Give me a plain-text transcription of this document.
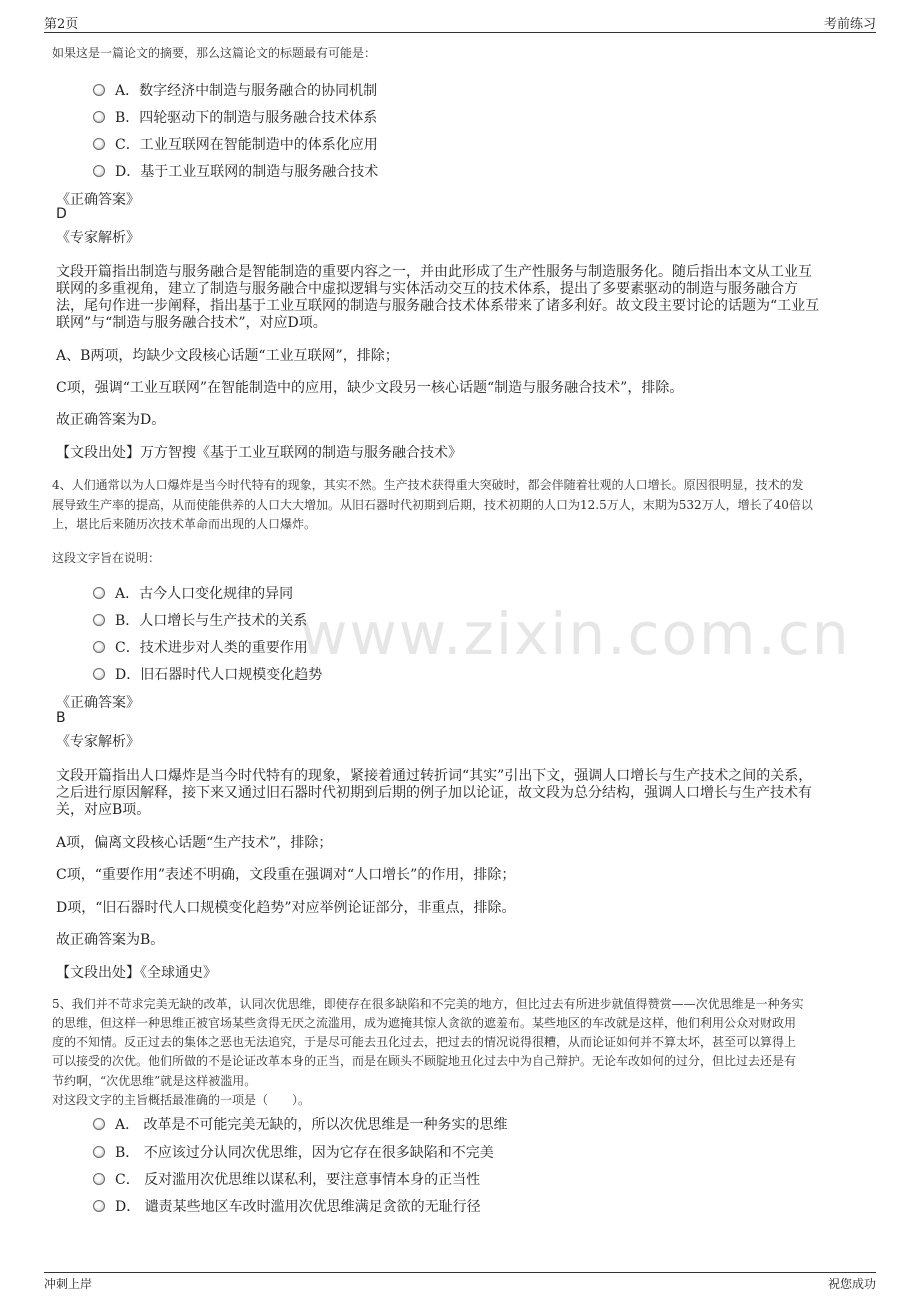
第2页	考前练习
www.zixin.com.cn
如果这是一篇论文的摘要，那么这篇论文的标题最有可能是：
A．数字经济中制造与服务融合的协同机制
B．四轮驱动下的制造与服务融合技术体系
C．工业互联网在智能制造中的体系化应用
D．基于工业互联网的制造与服务融合技术
《正确答案》
D
《专家解析》
文段开篇指出制造与服务融合是智能制造的重要内容之一，并由此形成了生产性服务与制造服务化。随后指出本文从工业互
联网的多重视角，建立了制造与服务融合中虚拟逻辑与实体活动交互的技术体系，提出了多要素驱动的制造与服务融合方
法，尾句作进一步阐释，指出基于工业互联网的制造与服务融合技术体系带来了诸多利好。故文段主要讨论的话题为“工业互
联网”与“制造与服务融合技术”，对应D项。
A、B两项，均缺少文段核心话题“工业互联网”，排除；
C项，强调“工业互联网”在智能制造中的应用，缺少文段另一核心话题“制造与服务融合技术”，排除。
故正确答案为D。
【文段出处】万方智搜《基于工业互联网的制造与服务融合技术》
4、人们通常以为人口爆炸是当今时代特有的现象，其实不然。生产技术获得重大突破时，都会伴随着壮观的人口增长。原因很明显，技术的发
展导致生产率的提高，从而使能供养的人口大大增加。从旧石器时代初期到后期，技术初期的人口为12.5万人，末期为532万人，增长了40倍以
上，堪比后来随历次技术革命而出现的人口爆炸。
这段文字旨在说明：
A．古今人口变化规律的异同
B．人口增长与生产技术的关系
C．技术进步对人类的重要作用
D．旧石器时代人口规模变化趋势
《正确答案》
B
《专家解析》
文段开篇指出人口爆炸是当今时代特有的现象，紧接着通过转折词“其实”引出下文，强调人口增长与生产技术之间的关系，
之后进行原因解释，接下来又通过旧石器时代初期到后期的例子加以论证，故文段为总分结构，强调人口增长与生产技术有
关，对应B项。
A项，偏离文段核心话题“生产技术”，排除；
C项，“重要作用”表述不明确，文段重在强调对“人口增长”的作用，排除；
D项，“旧石器时代人口规模变化趋势”对应举例论证部分，非重点，排除。
故正确答案为B。
【文段出处】《全球通史》
5、我们并不苛求完美无缺的改革，认同次优思维，即使存在很多缺陷和不完美的地方，但比过去有所进步就值得赞赏——次优思维是一种务实
的思维，但这样一种思维正被官场某些贪得无厌之流滥用，成为遮掩其惊人贪欲的遮羞布。某些地区的车改就是这样，他们利用公众对财政用
度的不知情。反正过去的集体之恶也无法追究，于是尽可能去丑化过去，把过去的情况说得很糟，从而论证如何并不算太坏，甚至可以算得上
可以接受的次优。他们所做的不是论证改革本身的正当，而是在顾头不顾腚地丑化过去中为自己辩护。无论车改如何的过分，但比过去还是有
节约啊，“次优思维”就是这样被滥用。
对这段文字的主旨概括最准确的一项是（　　）。
A． 改革是不可能完美无缺的，所以次优思维是一种务实的思维
B． 不应该过分认同次优思维，因为它存在很多缺陷和不完美
C． 反对滥用次优思维以谋私利，要注意事情本身的正当性
D． 谴责某些地区车改时滥用次优思维满足贪欲的无耻行径
冲刺上岸	祝您成功
